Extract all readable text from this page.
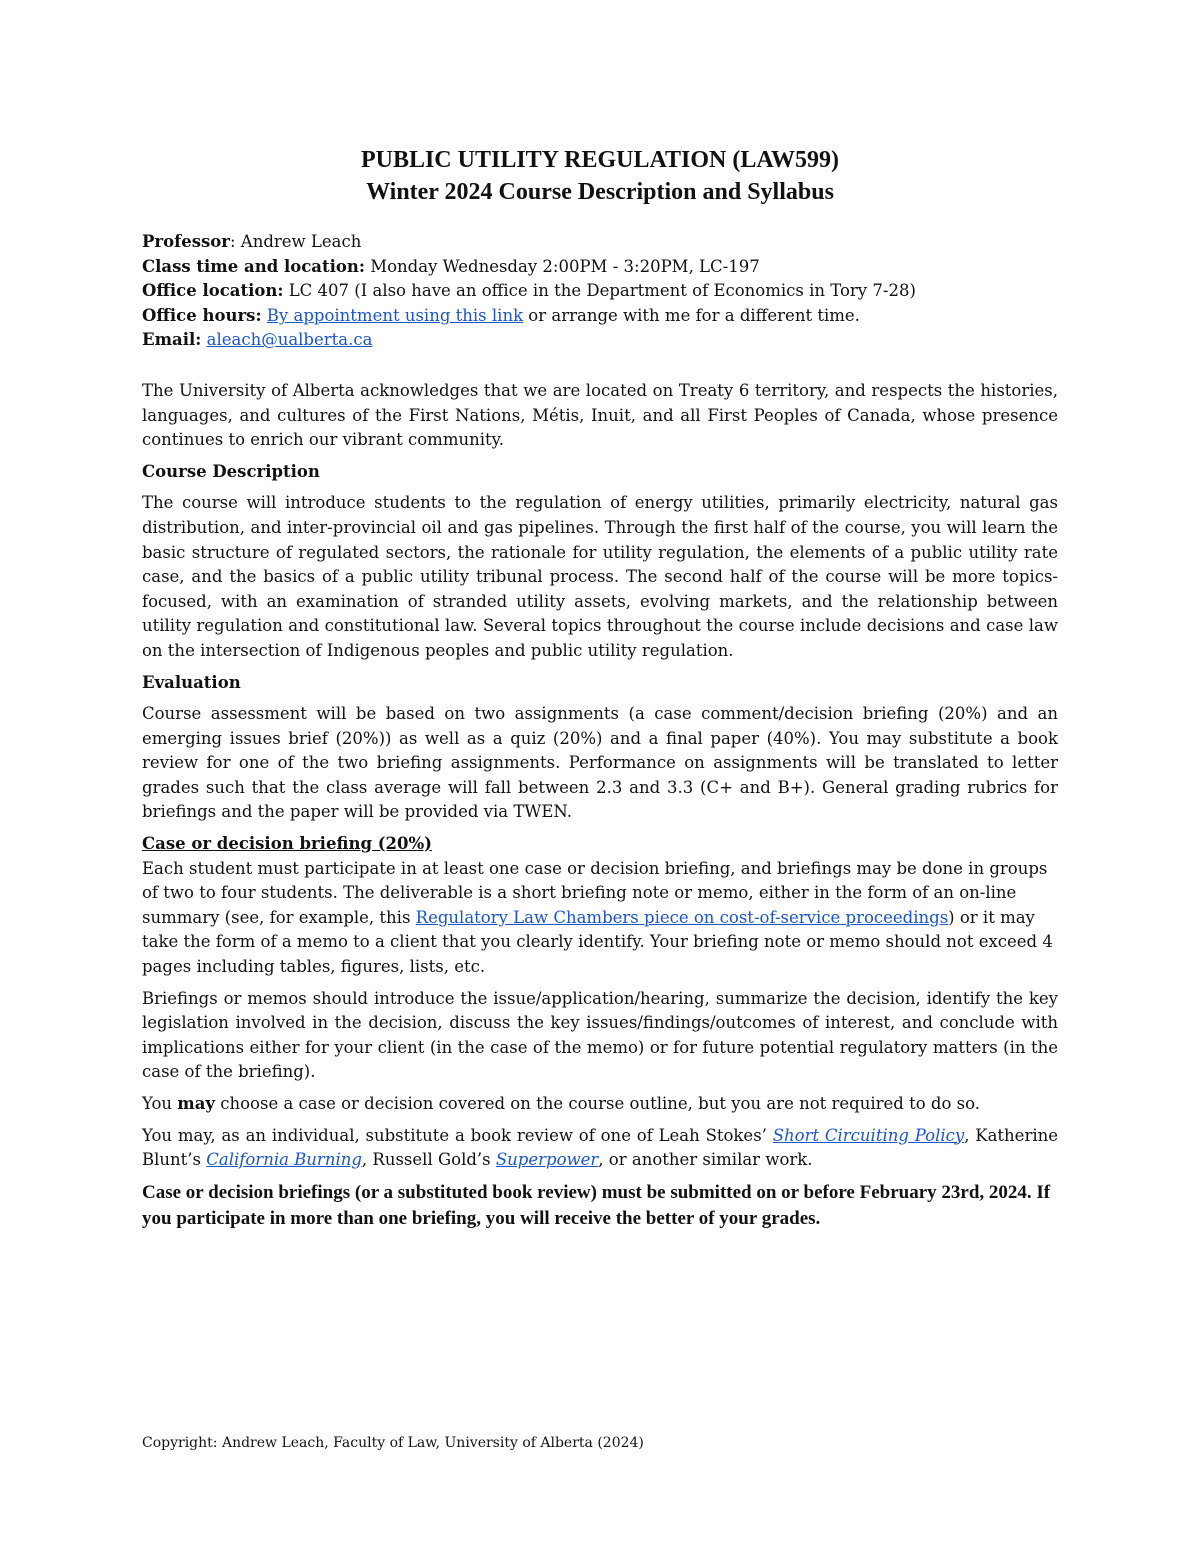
PUBLIC UTILITY REGULATION (LAW599)
Winter 2024 Course Description and Syllabus

Professor: Andrew Leach

Class time and location: Monday Wednesday 2:00PM - 3:20PM, LC-197

Office location: LC 407 (I also have an office in the Department of Economics in Tory 7-28)

Office hours: By appointment using this link or arrange with me for a different time.

Email: aleach@ualberta.ca

The University of Alberta acknowledges that we are located on Treaty 6 territory, and respects the histories, languages, and cultures of the First Nations, Métis, Inuit, and all First Peoples of Canada, whose presence continues to enrich our vibrant community.

Course Description

The course will introduce students to the regulation of energy utilities, primarily electricity, natural gas distribution, and inter-provincial oil and gas pipelines. Through the first half of the course, you will learn the basic structure of regulated sectors, the rationale for utility regulation, the elements of a public utility rate case, and the basics of a public utility tribunal process. The second half of the course will be more topics-focused, with an examination of stranded utility assets, evolving markets, and the relationship between utility regulation and constitutional law. Several topics throughout the course include decisions and case law on the intersection of Indigenous peoples and public utility regulation.

Evaluation

Course assessment will be based on two assignments (a case comment/decision briefing (20%) and an emerging issues brief (20%)) as well as a quiz (20%) and a final paper (40%). You may substitute a book review for one of the two briefing assignments. Performance on assignments will be translated to letter grades such that the class average will fall between 2.3 and 3.3 (C+ and B+). General grading rubrics for briefings and the paper will be provided via TWEN.

Case or decision briefing (20%)

Each student must participate in at least one case or decision briefing, and briefings may be done in groups of two to four students. The deliverable is a short briefing note or memo, either in the form of an on-line summary (see, for example, this Regulatory Law Chambers piece on cost-of-service proceedings) or it may take the form of a memo to a client that you clearly identify. Your briefing note or memo should not exceed 4 pages including tables, figures, lists, etc.

Briefings or memos should introduce the issue/application/hearing, summarize the decision, identify the key legislation involved in the decision, discuss the key issues/findings/outcomes of interest, and conclude with implications either for your client (in the case of the memo) or for future potential regulatory matters (in the case of the briefing).

You may choose a case or decision covered on the course outline, but you are not required to do so.

You may, as an individual, substitute a book review of one of Leah Stokes’ Short Circuiting Policy, Katherine Blunt’s California Burning, Russell Gold’s Superpower, or another similar work.

Case or decision briefings (or a substituted book review) must be submitted on or before February 23rd, 2024. If you participate in more than one briefing, you will receive the better of your grades.

Copyright: Andrew Leach, Faculty of Law, University of Alberta (2024)
